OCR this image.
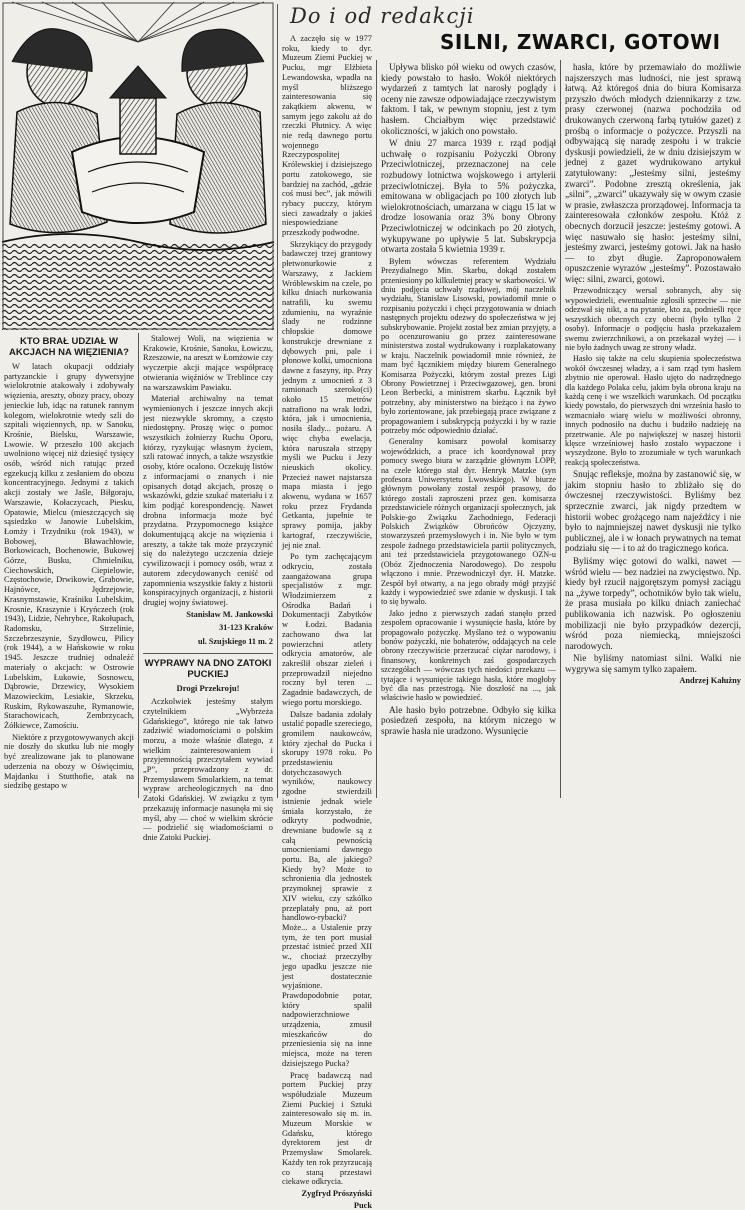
Do i od redakcji
SILNI, ZWARCI, GOTOWI

A zaczęło się w 1977 roku, kiedy to dyr. Muzeum Ziemi Puckiej w Pucku, mgr Elżbieta Lewandowska, wpadła na myśl bliższego zainteresowania się zakątkiem akwenu, w samym jego zakolu aż do rzeczki Płutnicy. A więc nie redą dawnego portu wojennego Rzeczypospolitej Królewskiej i dzisiejszego portu zatokowego, sie bardziej na zachód, „gdzie coś musi bec”, jak mówili rybacy pucczy, którym sieci zawadzały o jakieś niespowiedziane przeszkody podwodne.

Skrzykiący do przygody badawczej trzej grantowy płetwonurkowie z Warszawy, z Jackiem Wróblewskim na czele, po kilku dniach nurkowania natrafili, ku swemu zdumieniu, na wyraźnie ślady ne rodzinne chłopskie domowe konstrukcje drewniane z dębowych pni, pale i płonowe kolki, umocniona dawne z faszyny, itp. Przy jednym z umocnień z 3 ramionach szeroko(ci) około 15 metrów natrafiono na wrak łodzi, która, jak i umocnienia, nosiła ślady... pożaru. A więc chyba ewelacja, która naruszała strzępy myśli we Pucku i Jezy nieuskich okolicy. Przecież nawet najstarsza mapa miasta i jego akwenu, wydana w 1657 roku przez Frydanda Getkanta, jupełnie te sprawy pomija, jakby kartograf, rzeczywiście, jej nie znał.

Po tym zachęcającym odkryciu, została zaangażowana grupa specjalistów z mgr. Włodzimierzem z Ośrodka Badań i Dokumentacji Zabytków w Łodzi. Badania zachowano dwa lat powierzchni atlety odkrycia amatorów, ale zakreślił obszar zieleń i przeprowadził niejedno roczny był teren ... Zagadnie badawczych, de wiego portu morskiego.

Dalsze badania zdołały ustalić popadle szereciego, gromilem naukowców, który zjechał do Pucka i skorupy 1978 roku. Po przedstawieniu dotychczasowych wyników, naukowcy zgodne stwierdzili istnienie jednak wiele śmiała korzystało, że odkryty podwodnie, drewniane budowle są z całą pewnością umocnieniami dawnego portu. Ba, ale jakiego? Kiedy by? Może to schronienia dla jednostek przymoknej sprawie z XIV wieku, czy szkólko przeplatały pnu, aż port handlowo-rybacki? Może... a Ustalenie przy tym, że ten port musiał przestać istnieć przed XII w., chociaż przeczyłby jego upadku jeszcze nie jest dostatecznie wyjaśnione. Prawdopodobnie potar, który spalił nadpowierzchniowe urządzenia, zmusił mieszkańców do przeniesienia się na inne miejsca, może na teren dzisiejszego Pucka?

Pracę badawczą nad portem Puckiej przy współudziale Muzeum Ziemi Puckiej i Sztuki zainteresowało się m. in. Muzeum Morskie w Gdańsku, którego dyrektorem jest dr Przemysław Smolarek. Każdy ten rok przyrzucają co staną przestawi ciekawe odkrycia.

Zygfryd Prószyński
Puck
KTO BRAŁ UDZIAŁ W AKCJACH NA WIĘZIENIA?

W latach okupacji oddziały partyzanckie i grupy dywersyjne wielokrotnie atakowały i zdobywały więzienia, areszty, obozy pracy, obozy jenieckie lub, idąc na ratunek rannym kolegom, wielokrotnie wtedy szli do szpitali więziennych, np. w Sanoku, Krośnie, Bielsku, Warszawie, Lwowie. W przeszło 100 akcjach uwolniono więcej niż dziesięć tysięcy osób, wśród nich ratując przed egzekucją kilku z zesłaniem do obozu koncentracyjnego. Jednymi z takich akcji zostały we Jaśle, Biłgoraju, Warszawie, Kołaczycach, Piesku, Opatowie, Mielcu (mieszczących się sąsiedzko w Janowie Lubelskim, Łomży i Trzydniku (rok 1943), w Bobowej, Bławachłowie, Borkowicach, Bochenowie, Bukowej Górze, Busku, Chmielniku, Ciechowskich, Ciepielowie, Częstochowie, Drwikowie, Grabowie, Hajnówce, Jędrzejowie, Krasnymstawie, Kraśniku Lubelskim, Krosnie, Kraszynie i Kryńczech (rok 1943), Lidzie, Nehrybce, Rakołupach, Radomsku, Strzelinie, Szczebrzeszynie, Szydłowcu, Pilicy (rok 1944), a w Hańskowie w roku 1945. Jeszcze trudniej odnaleźć materiały o akcjach: w Ostrowie Lubelskim, Łukowie, Sosnowcu, Dąbrowie, Drzewicy, Wysokiem Mazowieckim, Lesiakie, Skrzeku, Ruskim, Rykowaszuhe, Rymanowie, Starachowicach, Zembrzycach, Żółkiewce, Zamościu.

Niektóre z przygotowywanych akcji nie doszły do skutku lub nie mogły być zrealizowane jak to planowane uderzenia na obozy w Oświęcimiu, Majdanku i Stutthofie, atak na siedzibę gestapo w

Stalowej Woli, na więzienia w Krakowie, Krośnie, Sanoku, Łowiczu, Rzeszowie, na areszt w Łomżowie czy wyczerpie akcji mające współpracę otwierania więźniów w Treblince czy na warszawskim Pawiaku.

Materiał archiwalny na temat wymienionych i jeszcze innych akcji jest niezwykle skromny, a często niedostępny. Proszę więc o pomoc wszystkich żołnierzy Ruchu Oporu, którzy, ryzykując własnym życiem, szli ratować innych, a także wszystkie osoby, które ocalono. Oczekuję listów z informacjami o znanych i nie opisanych dotąd akcjach, proszę o wskazówki, gdzie szukać materiału i z kim podjąć korespondencję. Nawet drobna informacja może być przydatna. Przypomocnego książce dokumentującą akcje na więzienia i areszty, a także tak może przyczynić się do należytego uczczenia dzieje cywilizowacji i pomocy osób, wraz z autorem zdecydowanych ceniść od zapomnienia wszystkie fakty z historii konspiracyjnych organizacji, z historii drugiej wojny światowej.

Stanisław M. Jankowski
31-123 Kraków
ul. Szujskiego 11 m. 2
WYPRAWY NA DNO ZATOKI PUCKIEJ
Drogi Przekroju!

Aczkolwiek jesteśmy stałym czytelnikiem „Wybrzeża Gdańskiego”, którego nie tak łatwo zadziwić wiadomościami o polskim morzu, a może właśnie dlatego, z wielkim zainteresowaniem i przyjemnością przeczytałem wywiad „P”, przeprowadzony z dr. Przemysławem Smolarkiem, na temat wypraw archeologicznych na dno Zatoki Gdańskiej. W związku z tym przekazuję informacje nasunęła mi się myśl, aby — choć w wielkim skrócie — podzielić się wiadomościami o dnie Zatoki Puckiej.

Upływa blisko pół wieku od owych czasów, kiedy powstało to hasło. Wokół niektórych wydarzeń z tamtych lat narosły poglądy i oceny nie zawsze odpowiadające rzeczywistym faktom. I tak, w pewnym stopniu, jest z tym hasłem. Chciałbym więc przedstawić okoliczności, w jakich ono powstało.

W dniu 27 marca 1939 r. rząd podjął uchwałę o rozpisaniu Pożyczki Obrony Przeciwlotniczej, przeznaczonej na cele rozbudowy lotnictwa wojskowego i artylerii przeciwlotniczej. Była to 5% pożyczka, emitowana w obligacjach po 100 złotych lub wielokrotnościach, umarzana w ciągu 15 lat w drodze losowania oraz 3% bony Obrony Przeciwlotniczej w odcinkach po 20 złotych, wykupywane po upływie 5 lat. Subskrypcja otwarta została 5 kwietnia 1939 r.

Byłem wówczas referentem Wydziału Prezydialnego Min. Skarbu, dokąd zostałem przeniesiony po kilkuletniej pracy w skarbowości. W dniu podjęcia uchwały rządowej, mój naczelnik wydziału, Stanisław Lisowski, powiadomił mnie o rozpisaniu pożyczki i chęci przygotowania w dniach następnych projektu odezwy do społeczeństwa w jej subskrybowanie. Projekt został bez zmian przyjęty, a po ocenzurowaniu go przez zainteresowane ministerstwa został wydrukowany i rozplakatowany w kraju. Naczelnik powiadomił mnie również, że mam być łącznikiem między biurem Generalnego Komisarza Pożyczki, którym został prezes Ligi Obrony Powietrznej i Przeciwgazowej, gen. broni Leon Berbecki, a ministrem skarbu. Łącznik był potrzebny, aby ministerstwo na bieżąco i na żywo było zorientowane, jak przebiegają prace związane z propagowaniem i subskrypcją pożyczki i by w razie potrzeby móc odpowiednio działać.

Generalny komisarz powołał komisarzy wojewódzkich, a prace ich koordynował przy pomocy swego biura w zarządzie głównym LOPP, na czele którego stał dyr. Henryk Matzke (syn profesora Uniwersytetu Lwowskiego). W biurze głównym powołany został zespół prasowy, do którego zostali zaproszeni przez gen. komisarza przedstawiciele różnych organizacji społecznych, jak Polskie-go Związku Zachodniego, Federacji Polskich Związków Obrońców Ojczyzny, stowarzyszeń przemysłowych i in. Nie było w tym zespole żadnego przedstawiciela partii politycznych, ani też przedstawiciela przygotowanego OZN-u (Obóz Zjednoczenia Narodowego). Do zespołu włączono i mnie. Przewodniczył dyr. H. Matzke. Zespół był otwarty, a na jego obrady mógł przyjść każdy i wypowiedzieć swe zdanie w dyskusji. I tak to się bywało.

Jako jedno z pierwszych zadań stanęło przed zespołem opracowanie i wysunięcie hasła, które by propagowało pożyczkę. Myślano też o wypowaniu bonów pożyczki, nie bohaterów, oddających na cele obrony rzeczywiście przerzucać ciężar narodowy, i finansowy, konkretnych zaś gospodarczych szczegółach — wówczas tych niedości przekazu — tytające i wysunięcie takiego hasła, które mogłoby być dla nas przestrogą. Nie doszłość na ..., jak właściwie hasło w powiedzieć.

Ale hasło było potrzebne. Odbyło się kilka posiedzeń zespołu, na którym niczego w sprawie hasła nie uradzono. Wysunięcie

hasła, które by przemawiało do możliwie najszerszych mas ludności, nie jest sprawą łatwą. Aż któregoś dnia do biura Komisarza przyszło dwóch młodych dziennikarzy z tzw. prasy czerwonej (nazwa pochodziła od drukowanych czerwoną farbą tytułów gazet) z prośbą o informacje o pożyczce. Przyszli na odbywającą się naradę zespołu i w trakcie dyskusji powiedzieli, że w dniu dzisiejszym w jednej z gazet wydrukowano artykuł zatytułowany: „Jesteśmy silni, jesteśmy zwarci”. Podobne zresztą określenia, jak „silni”, „zwarci” ukazywały się w owym czasie w prasie, zwłaszcza prorządowej. Informacja ta zainteresowała członków zespołu. Któż z obecnych dorzucił jeszcze: jesteśmy gotowi. A więc nasuwało się hasło: jesteśmy silni, jesteśmy zwarci, jesteśmy gotowi. Jak na hasło — to zbyt długie. Zaproponowałem opuszczenie wyrazów „jesteśmy”. Pozostawało więc: silni, zwarci, gotowi.

Przewodniczący wersal sobranych, aby się wypowiedzieli, ewentualnie zgłosili sprzeciw — nie odezwał się nikt, a na pytanie, kto za, podnieśli ręce wszystkich obecnych czy obecni (było tylko 2 osoby). Informacje o podjęciu hasła przekazałem swemu zwierzchnikowi, a on przekazał wyżej — i nie było żadnych uwag ze strony władz.

Hasło się także na celu skupienia społeczeństwa wokół ówczesnej władzy, a i sam rząd tym hasłem zbytnio nie operował. Hasło ujęto do nadrzędnego dla każdego Polaka celu, jakim była obrona kraju na każdą cenę i we wszelkich warunkach. Od początku kiedy powstało, do pierwszych dni września hasło to wzmacniało wiarę wielu w możliwości obronny, innych podnosiło na duchu i budziło nadzieję na przetrwanie. Ale po największej w naszej historii klęsce wrześniowej hasło zostało wypaczone i wyszydzone. Było to zrozumiałe w tych warunkach reakcją społeczeństwa.

Snując refleksje, można by zastanowić się, w jakim stopniu hasło to zbliżało się do ówczesnej rzeczywistości. Byliśmy bez sprzecznie zwarci, jak nigdy przedtem w historii wobec grożącego nam najeźdźcy i nie było to najmniejszej nawet dyskusji nie tylko publicznej, ale i w łonach prywatnych na temat podziału się — i to aż do tragicznego końca.

Byliśmy więc gotowi do walki, nawet — wśród wielu — bez nadziei na zwycięstwo. Np. kiedy był rzucił najgorętszym pomysł zaciągu na „żywe torpedy”, ochotników było tak wielu, że prasa musiała po kilku dniach zaniechać publikowania ich nazwisk. Po ogłoszeniu mobilizacji nie było przypadków dezercji, wśród poza niemiecką, mniejszości narodowych.

Nie byliśmy natomiast silni. Walki nie wygrywa się samym tylko zapałem.

Andrzej Kałużny
